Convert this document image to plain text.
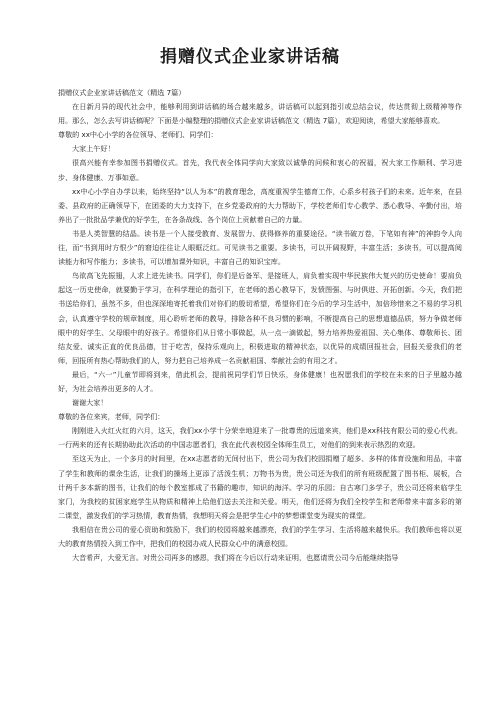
捐赠仪式企业家讲话稿

捐赠仪式企业家讲话稿范文（精选 7篇）

在日新月异的现代社会中，能够利用到讲话稿的场合越来越多，讲话稿可以起到指引或总结会议，传达贯彻上级精神等作用。那么，怎么去写讲话稿呢？下面是小编整理的捐赠仪式企业家讲话稿范文（精选 7篇），欢迎阅读，希望大家能够喜欢。

尊敬的 xx中心小学的各位领导、老师们、同学们：

大家上午好！

很高兴能有幸参加图书捐赠仪式。首先，我代表全体同学向大家致以诚挚的问候和衷心的祝福，祝大家工作顺利、学习进步、身体健康、万事如意。

xx中心小学自办学以来，始终坚持“以人为本”的教育理念，高度重视学生德育工作，心系乡村孩子们的未来。近年来，在县委、县政府的正确领导下，在团委的大力支持下，在乡党委政府的大力帮助下，学校老师们专心教学、悉心教导、辛勤付出，培养出了一批批品学兼优的好学生，在各条战线、各个岗位上贡献着自己的力量。

书是人类智慧的结晶。读书是一个人接受教育、发展智力、获得修养的重要途径。“读书破万卷，下笔如有神”的神韵令人向往，而“书到用时方恨少”的窘迫往往让人眼眶泛红。可见读书之重要。多读书，可以开阔视野，丰富生活；多读书，可以提高阅读能力和写作能力；多读书，可以增加课外知识，丰富自己的知识宝库。

鸟欲高飞先振翅，人求上进先读书。同学们，你们是后备军、是接班人，肩负着实现中华民族伟大复兴的历史使命！要肩负起这一历史使命，就要勤于学习，在科学理论的指引下，在老师的悉心教导下，发愤图强、与时俱进、开拓创新。今天，我们把书送给你们，虽然不多，但也深深地寄托着我们对你们的殷切希望，希望你们在今后的学习生活中，加倍珍惜来之不易的学习机会，认真遵守学校的规章制度，用心聆听老师的教导，排除各种不良习惯的影响，不断提高自己的思想道德品质，努力争做老师眼中的好学生、父母眼中的好孩子。希望你们从日常小事做起，从一点一滴做起，努力培养热爱祖国、关心集体、尊敬师长、团结友爱、诚实正直的优良品德，甘于吃苦，保持乐观向上，积极进取的精神状态，以优异的成绩回报社会，回报关爱我们的老师，回报所有热心帮助我们的人，努力把自己培养成一名贡献祖国、奉献社会的有用之才。

最后，“六一”儿童节即将到来，借此机会，提前祝同学们节日快乐，身体健康！也祝愿我们的学校在未来的日子里越办越好，为社会培养出更多的人才。

谢谢大家！

尊敬的各位来宾，老师，同学们：

刚刚进入火红火红的六月，这天，我们xx小学十分荣幸地迎来了一批尊贵的远道来宾，他们是xx科技有限公司的爱心代表。一行两来的还有长期协助此次活动的中国志愿者们，我在此代表校园全体师生员工，对他们的到来表示热烈的欢迎。

至这天为止，一个多月的时间里，在xx志愿者的无间付出下，贵公司为我们校园捐赠了超多、多样的体育设施和用品，丰富了学生和教师的课余生活，让我们的操场上更添了活泼生机；万物书为贵，贵公司还为我们的所有班级配置了图书柜、展板，合计两千多本新的图书，让我们的每个教室都成了书籍的趣市，知识的海洋。学习的乐园；自古寒门多学子，贵公司还将来临学生家门，为我校的贫困家庭学生从物质和精神上给他们送去关注和关爱。明天，他们还将为我们全校学生和老师带来丰富多彩的第二课堂，激发我们的学习热情，教育热情，我想明天将会是把学生心中的梦想课堂变为现实的课堂。

我相信在贵公司的爱心资助和鼓励下，我们的校园将越来越漂亮，我们的学生学习、生活将越来越快乐。我们教师也将以更大的教育热情投入到工作中，把我们的校园办成人民群众心中的满意校园。

大音希声，大爱无言。对贵公司再多的感恩，我们将在今后以行动来证明，也愿请贵公司今后能继续指导
